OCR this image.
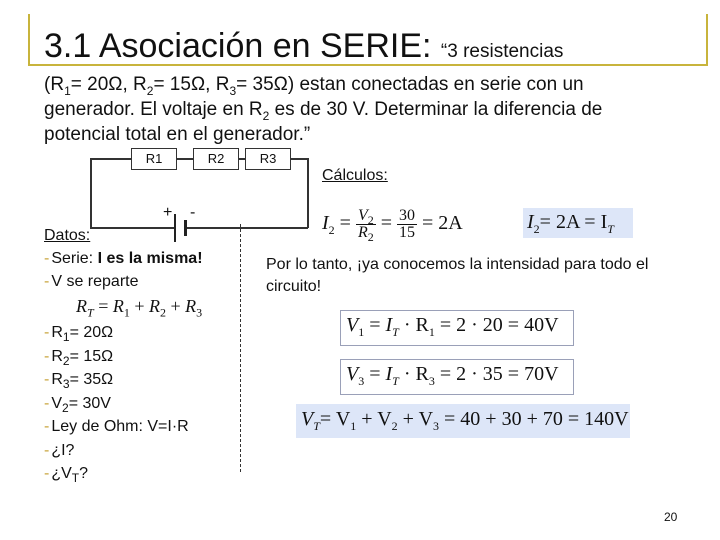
3.1 Asociación en SERIE: “3 resistencias
($R_1= 20\Omega$, $R_2= 15\Omega$, $R_3= 35\Omega$) estan conectadas en serie con un
generador. El voltaje en $R_2$ es de 30 V. Determinar la diferencia de
potencial total en el generador.”
+ -
R1	R2	R3
Cálculos:
Datos:
- Serie: I es la misma!
- V se reparte
$R_T = R_1 + R_2 + R_3$
- $R_1= 20\Omega$
- $R_2= 15\Omega$
- $R_3= 35\Omega$
- $V_2= 30V$
- Ley de Ohm: V=I·R
- ¿I?
- ¿$V_T$?
$I_2 = \frac{V_2}{R_2} = \frac{30}{15} = 2A$	$I_2= 2A = I_T$
Por lo tanto, ¡ya conocemos la intensidad para todo el circuito!
$V_1 = I_T \cdot R_1 = 2 \cdot 20 = 40V$
$V_3 = I_T \cdot R_3 = 2 \cdot 35 = 70V$
$V_T= V_1 + V_2 + V_3 = 40 + 30 + 70 = 140V$
20
